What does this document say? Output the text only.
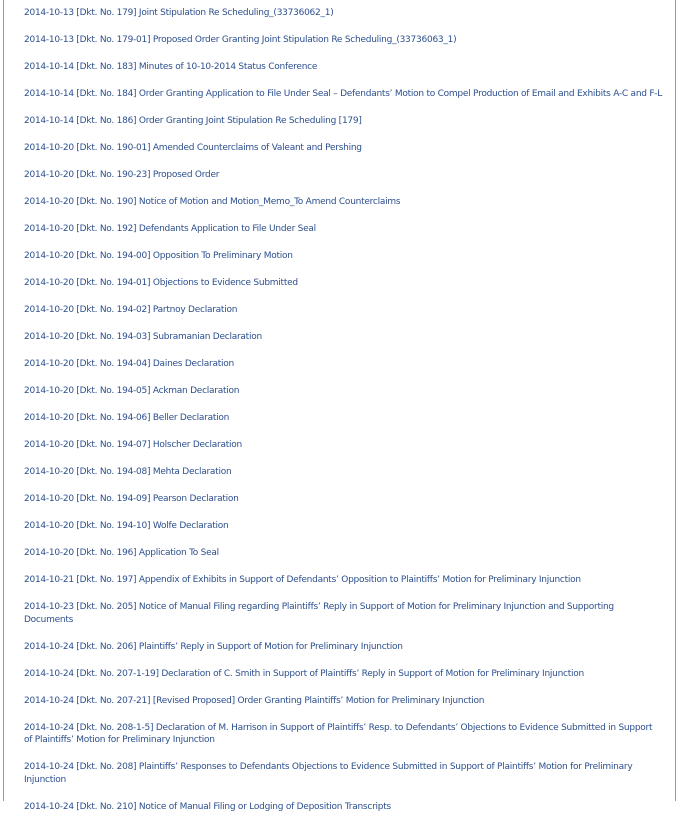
2014-10-13 [Dkt. No. 179] Joint Stipulation Re Scheduling_(33736062_1)
2014-10-13 [Dkt. No. 179-01] Proposed Order Granting Joint Stipulation Re Scheduling_(33736063_1)
2014-10-14 [Dkt. No. 183] Minutes of 10-10-2014 Status Conference
2014-10-14 [Dkt. No. 184] Order Granting Application to File Under Seal – Defendants’ Motion to Compel Production of Email and Exhibits A-C and F-L
2014-10-14 [Dkt. No. 186] Order Granting Joint Stipulation Re Scheduling [179]
2014-10-20 [Dkt. No. 190-01] Amended Counterclaims of Valeant and Pershing
2014-10-20 [Dkt. No. 190-23] Proposed Order
2014-10-20 [Dkt. No. 190] Notice of Motion and Motion_Memo_To Amend Counterclaims
2014-10-20 [Dkt. No. 192] Defendants Application to File Under Seal
2014-10-20 [Dkt. No. 194-00] Opposition To Preliminary Motion
2014-10-20 [Dkt. No. 194-01] Objections to Evidence Submitted
2014-10-20 [Dkt. No. 194-02] Partnoy Declaration
2014-10-20 [Dkt. No. 194-03] Subramanian Declaration
2014-10-20 [Dkt. No. 194-04] Daines Declaration
2014-10-20 [Dkt. No. 194-05] Ackman Declaration
2014-10-20 [Dkt. No. 194-06] Beller Declaration
2014-10-20 [Dkt. No. 194-07] Holscher Declaration
2014-10-20 [Dkt. No. 194-08] Mehta Declaration
2014-10-20 [Dkt. No. 194-09] Pearson Declaration
2014-10-20 [Dkt. No. 194-10] Wolfe Declaration
2014-10-20 [Dkt. No. 196] Application To Seal
2014-10-21 [Dkt. No. 197] Appendix of Exhibits in Support of Defendants’ Opposition to Plaintiffs’ Motion for Preliminary Injunction
2014-10-23 [Dkt. No. 205] Notice of Manual Filing regarding Plaintiffs’ Reply in Support of Motion for Preliminary Injunction and Supporting Documents
2014-10-24 [Dkt. No. 206] Plaintiffs’ Reply in Support of Motion for Preliminary Injunction
2014-10-24 [Dkt. No. 207-1-19] Declaration of C. Smith in Support of Plaintiffs’ Reply in Support of Motion for Preliminary Injunction
2014-10-24 [Dkt. No. 207-21] [Revised Proposed] Order Granting Plaintiffs’ Motion for Preliminary Injunction
2014-10-24 [Dkt. No. 208-1-5] Declaration of M. Harrison in Support of Plaintiffs’ Resp. to Defendants’ Objections to Evidence Submitted in Support
of Plaintiffs’ Motion for Preliminary Injunction
2014-10-24 [Dkt. No. 208] Plaintiffs’ Responses to Defendants Objections to Evidence Submitted in Support of Plaintiffs’ Motion for Preliminary Injunction
2014-10-24 [Dkt. No. 210] Notice of Manual Filing or Lodging of Deposition Transcripts
